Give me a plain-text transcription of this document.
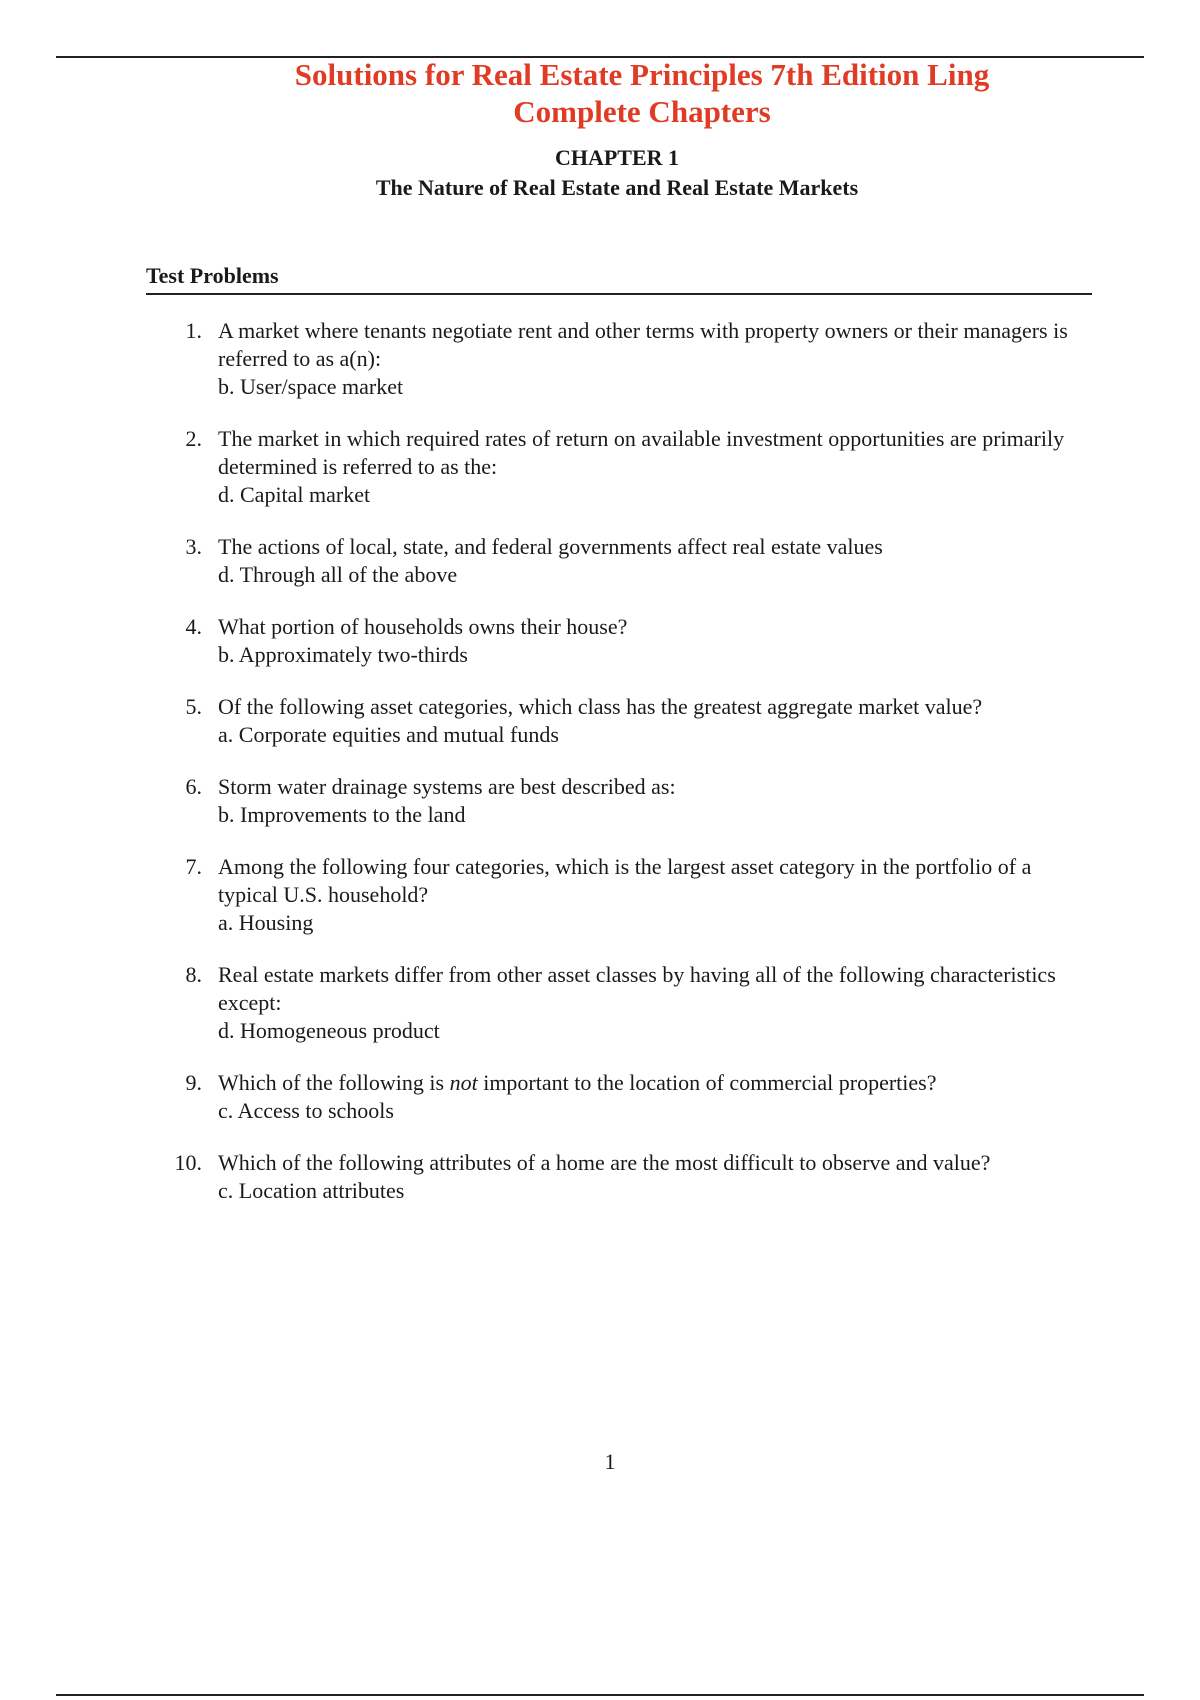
Solutions for Real Estate Principles 7th Edition Ling
Complete Chapters
CHAPTER 1
The Nature of Real Estate and Real Estate Markets
Test Problems
1. A market where tenants negotiate rent and other terms with property owners or their managers is referred to as a(n):
b. User/space market
2. The market in which required rates of return on available investment opportunities are primarily determined is referred to as the:
d. Capital market
3. The actions of local, state, and federal governments affect real estate values
d. Through all of the above
4. What portion of households owns their house?
b. Approximately two-thirds
5. Of the following asset categories, which class has the greatest aggregate market value?
a. Corporate equities and mutual funds
6. Storm water drainage systems are best described as:
b. Improvements to the land
7. Among the following four categories, which is the largest asset category in the portfolio of a typical U.S. household?
a. Housing
8. Real estate markets differ from other asset classes by having all of the following characteristics except:
d. Homogeneous product
9. Which of the following is not important to the location of commercial properties?
c. Access to schools
10. Which of the following attributes of a home are the most difficult to observe and value?
c. Location attributes
1
